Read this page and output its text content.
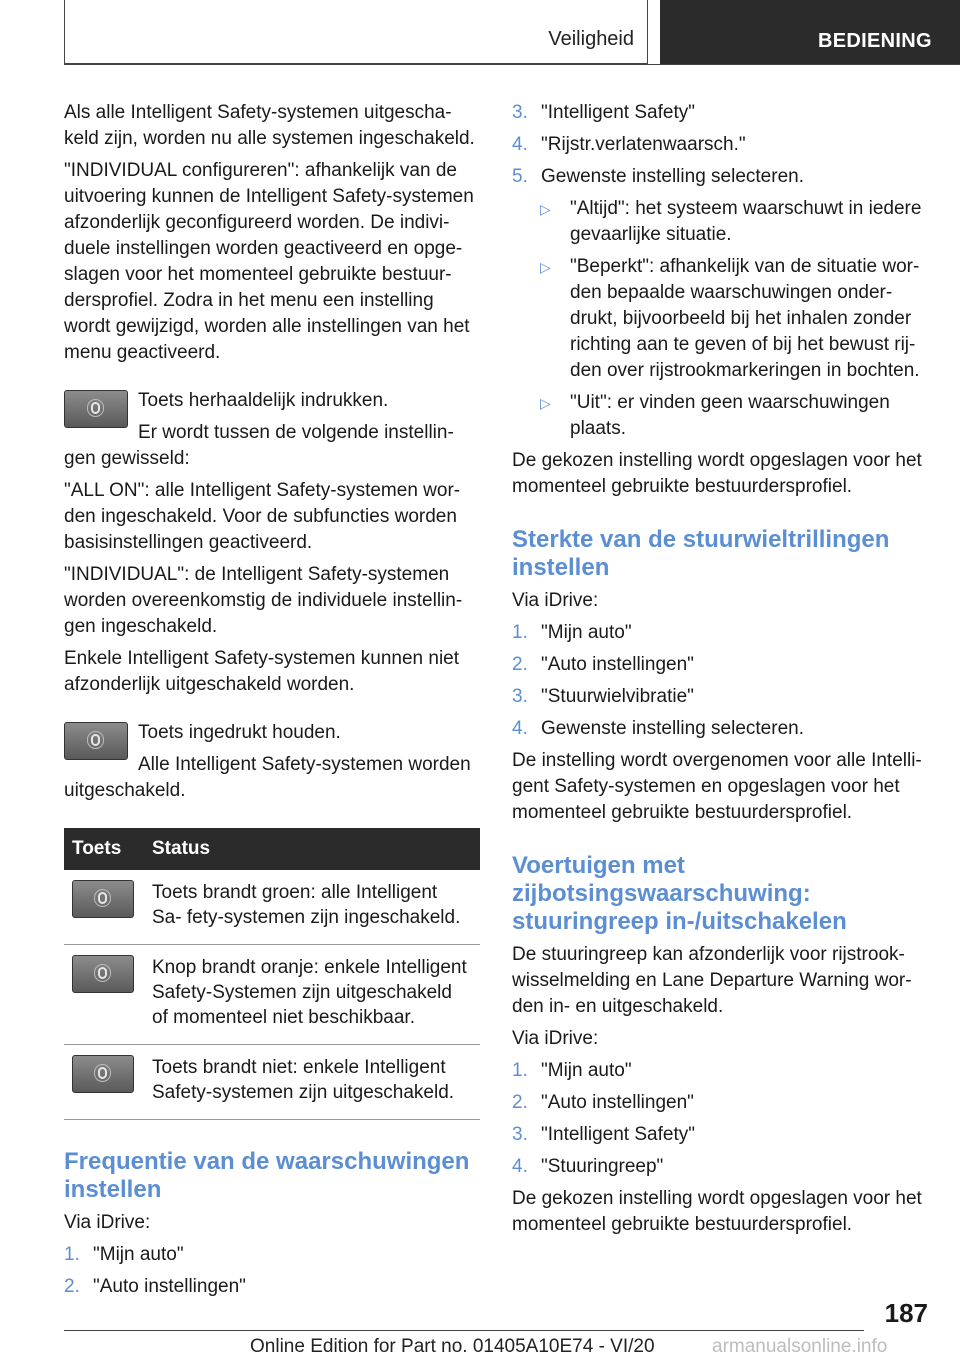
Veiligheid	BEDIENING

Als alle Intelligent Safety-systemen uitgescha- keld zijn, worden nu alle systemen ingeschakeld.

"INDIVIDUAL configureren": afhankelijk van de uitvoering kunnen de Intelligent Safety-systemen afzonderlijk geconfigureerd worden. De indivi- duele instellingen worden geactiveerd en opge- slagen voor het momenteel gebruikte bestuur- dersprofiel. Zodra in het menu een instelling wordt gewijzigd, worden alle instellingen van het menu geactiveerd.

Toets herhaaldelijk indrukken.

Er wordt tussen de volgende instellin- gen gewisseld:

"ALL ON": alle Intelligent Safety-systemen wor- den ingeschakeld. Voor de subfuncties worden basisinstellingen geactiveerd.

"INDIVIDUAL": de Intelligent Safety-systemen worden overeenkomstig de individuele instellin- gen ingeschakeld.

Enkele Intelligent Safety-systemen kunnen niet afzonderlijk uitgeschakeld worden.

Toets ingedrukt houden.

Alle Intelligent Safety-systemen worden uitgeschakeld.

Toets	Status

	Toets brandt groen: alle Intelligent Sa- fety-systemen zijn ingeschakeld.

	Knop brandt oranje: enkele Intelligent Safety-Systemen zijn uitgeschakeld of momenteel niet beschikbaar.

	Toets brandt niet: enkele Intelligent Safety-systemen zijn uitgeschakeld.
Frequentie van de waarschuwingen instellen

Via iDrive:

1. "Mijn auto"
2. "Auto instellingen"
3. "Intelligent Safety"
4. "Rijstr.verlatenwaarsch."
5. Gewenste instelling selecteren.
▷ "Altijd": het systeem waarschuwt in iedere gevaarlijke situatie.
▷ "Beperkt": afhankelijk van de situatie wor- den bepaalde waarschuwingen onder- drukt, bijvoorbeeld bij het inhalen zonder richting aan te geven of bij het bewust rij- den over rijstrookmarkeringen in bochten.
▷ "Uit": er vinden geen waarschuwingen plaats.

De gekozen instelling wordt opgeslagen voor het momenteel gebruikte bestuurdersprofiel.

Sterkte van de stuurwieltrillingen instellen

Via iDrive:

1. "Mijn auto"
2. "Auto instellingen"
3. "Stuurwielvibratie"
4. Gewenste instelling selecteren.

De instelling wordt overgenomen voor alle Intelli- gent Safety-systemen en opgeslagen voor het momenteel gebruikte bestuurdersprofiel.

Voertuigen met zijbotsingswaarschuwing: stuuringreep in-/uitschakelen

De stuuringreep kan afzonderlijk voor rijstrook- wisselmelding en Lane Departure Warning wor- den in- en uitgeschakeld.

Via iDrive:

1. "Mijn auto"
2. "Auto instellingen"
3. "Intelligent Safety"
4. "Stuuringreep"

De gekozen instelling wordt opgeslagen voor het momenteel gebruikte bestuurdersprofiel.

187
Online Edition for Part no. 01405A10E74 - VI/20	armanualsonline.info
